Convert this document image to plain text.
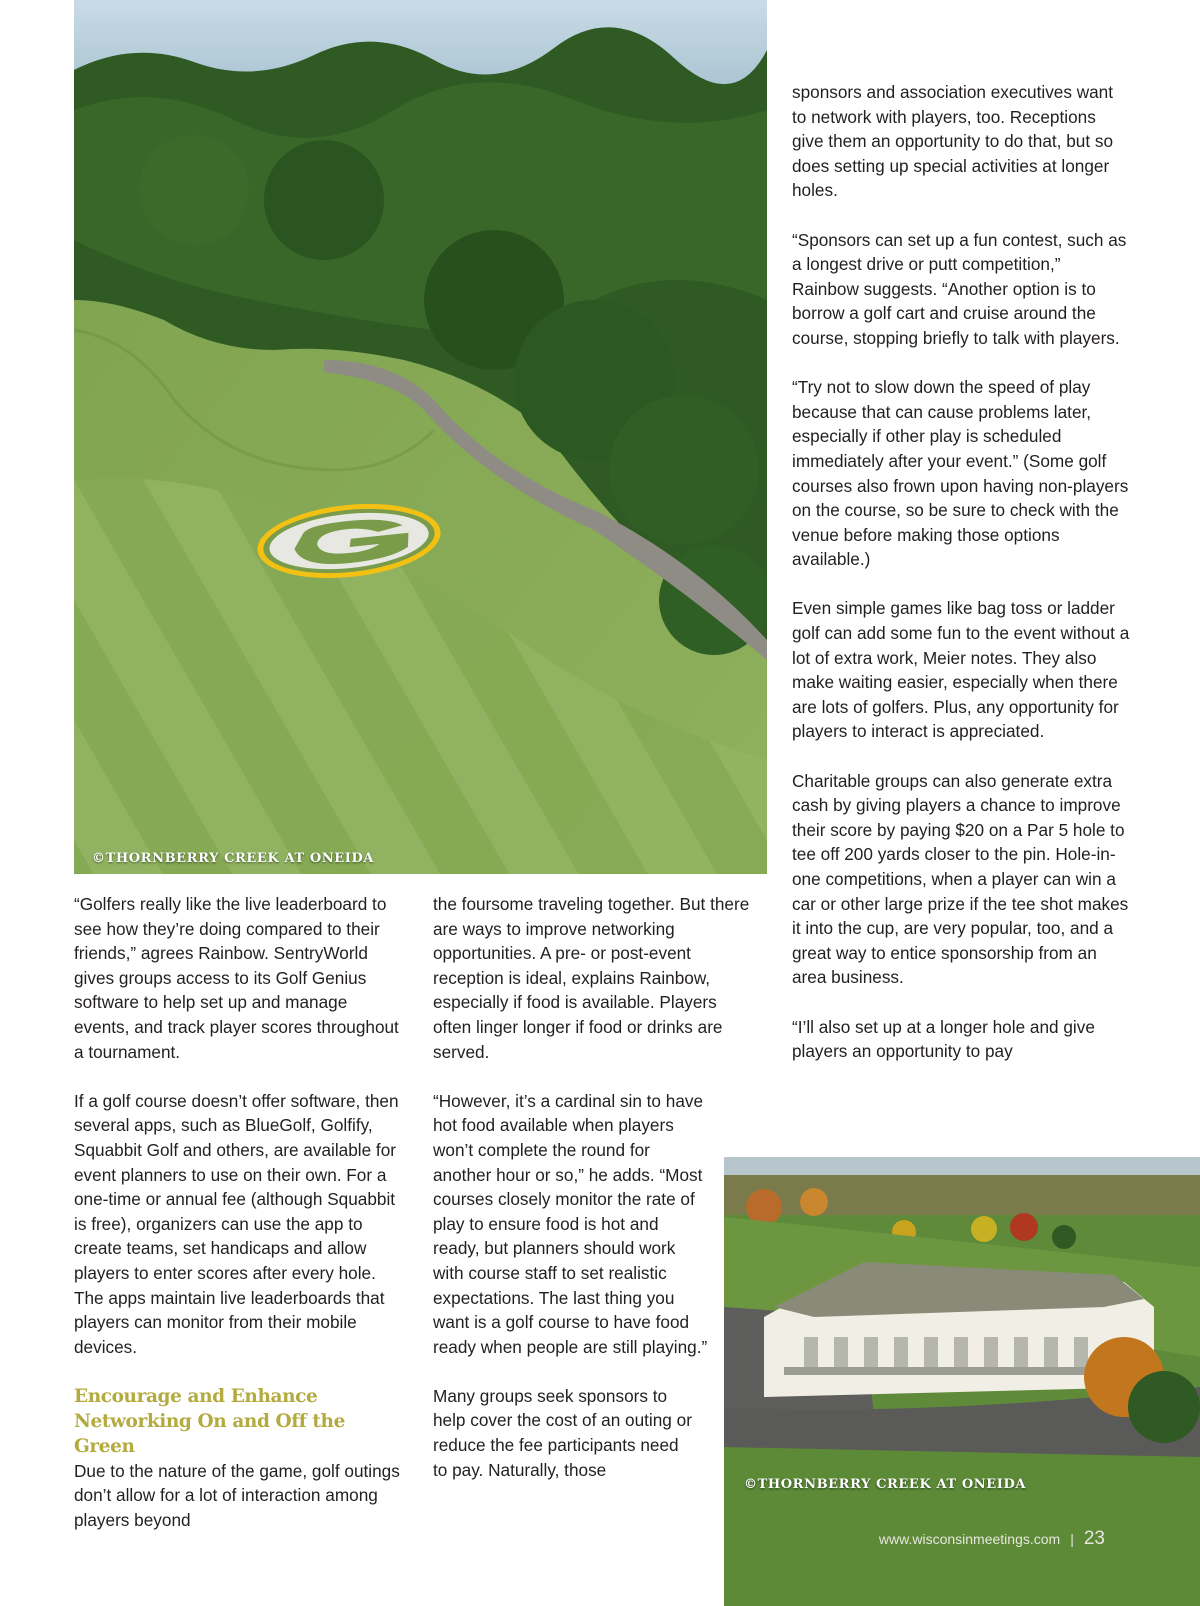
©THORNBERRY CREEK AT ONEIDA
©THORNBERRY CREEK AT ONEIDA

sponsors and association executives want to network with players, too. Receptions give them an opportunity to do that, but so does setting up special activities at longer holes.

“Sponsors can set up a fun contest, such as a longest drive or putt competition,” Rainbow suggests. “Another option is to borrow a golf cart and cruise around the course, stopping briefly to talk with players.

“Try not to slow down the speed of play because that can cause problems later, especially if other play is scheduled immediately after your event.” (Some golf courses also frown upon having non-players on the course, so be sure to check with the venue before making those options available.)

Even simple games like bag toss or ladder golf can add some fun to the event without a lot of extra work, Meier notes. They also make waiting easier, especially when there are lots of golfers. Plus, any opportunity for players to interact is appreciated.

Charitable groups can also generate extra cash by giving players a chance to improve their score by paying $20 on a Par 5 hole to tee off 200 yards closer to the pin. Hole-in-one competitions, when a player can win a car or other large prize if the tee shot makes it into the cup, are very popular, too, and a great way to entice sponsorship from an area business.

“I’ll also set up at a longer hole and give players an opportunity to pay

“Golfers really like the live leaderboard to see how they’re doing compared to their friends,” agrees Rainbow. SentryWorld gives groups access to its Golf Genius software to help set up and manage events, and track player scores throughout a tournament.

If a golf course doesn’t offer software, then several apps, such as BlueGolf, Golfify, Squabbit Golf and others, are available for event planners to use on their own. For a one-time or annual fee (although Squabbit is free), organizers can use the app to create teams, set handicaps and allow players to enter scores after every hole. The apps maintain live leaderboards that players can monitor from their mobile devices.

Encourage and Enhance Networking On and Off the Green

Due to the nature of the game, golf outings don’t allow for a lot of interaction among players beyond

the foursome traveling together. But there are ways to improve networking opportunities. A pre- or post-event reception is ideal, explains Rainbow, especially if food is available. Players often linger longer if food or drinks are served.

“However, it’s a cardinal sin to have hot food available when players won’t complete the round for another hour or so,” he adds. “Most courses closely monitor the rate of play to ensure food is hot and ready, but planners should work with course staff to set realistic expectations. The last thing you want is a golf course to have food ready when people are still playing.”

Many groups seek sponsors to help cover the cost of an outing or reduce the fee participants need to pay. Naturally, those

www.wisconsinmeetings.com | 23
